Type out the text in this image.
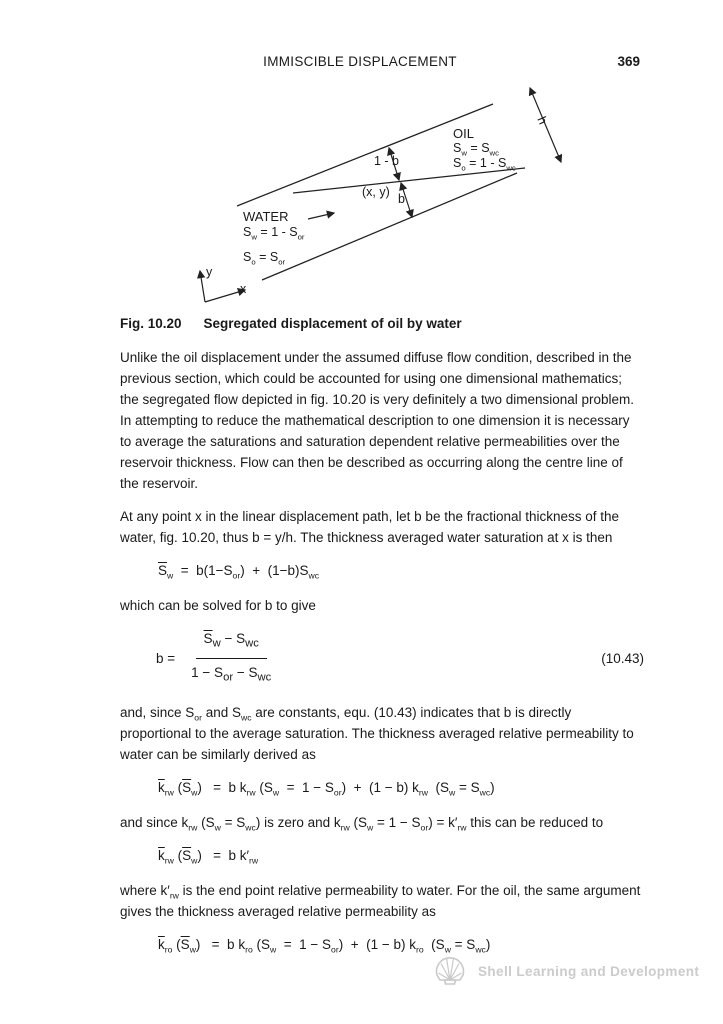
IMMISCIBLE DISPLACEMENT	369
OIL
$S_w = S_{wc}$
$S_o = 1 - S_{wc}$
1 - b
(x, y) b
h
WATER
$S_w = 1 - S_{or}$
$S_o = S_{or}$
y
x
Fig. 10.20 Segregated displacement of oil by water

Unlike the oil displacement under the assumed diffuse flow condition, described in the previous section, which could be accounted for using one dimensional mathematics; the segregated flow depicted in fig. 10.20 is very definitely a two dimensional problem. In attempting to reduce the mathematical description to one dimension it is necessary to average the saturations and saturation dependent relative permeabilities over the reservoir thickness. Flow can then be described as occurring along the centre line of the reservoir.

At any point x in the linear displacement path, let b be the fractional thickness of the water, fig. 10.20, thus b = y/h. The thickness averaged water saturation at x is then

$\overline{S}_w = b(1-S_{or}) + (1-b)S_{wc}$

which can be solved for b to give

$b = \frac{\overline{S}_w - S_{wc}}{1 - S_{or} - S_{wc}}$	(10.43)

and, since $S_{or}$ and $S_{wc}$ are constants, equ. (10.43) indicates that b is directly proportional to the average saturation. The thickness averaged relative permeability to water can be similarly derived as

$\overline{k}_{rw}$ $(\overline{S}_w) = b$ $k_{rw}$ $(S_w = 1 - S_{or}) + (1 - b)$ $k_{rw}$  $(S_w = S_{wc})$

and since $k_{rw}$ $(S_w = S_{wc})$ is zero and $k_{rw}$ $(S_w = 1 - S_{or}) = k'_{rw}$ this can be reduced to

$\overline{k}_{rw}$ $(\overline{S}_w) = b$ $k'_{rw}$

where $k'_{rw}$ is the end point relative permeability to water. For the oil, the same argument gives the thickness averaged relative permeability as

$\overline{k}_{ro}$ $(\overline{S}_w) = b$ $k_{ro}$ $(S_w = 1 - S_{or}) + (1 - b)$ $k_{ro}$  $(S_w = S_{wc})$
Shell Learning and Development
